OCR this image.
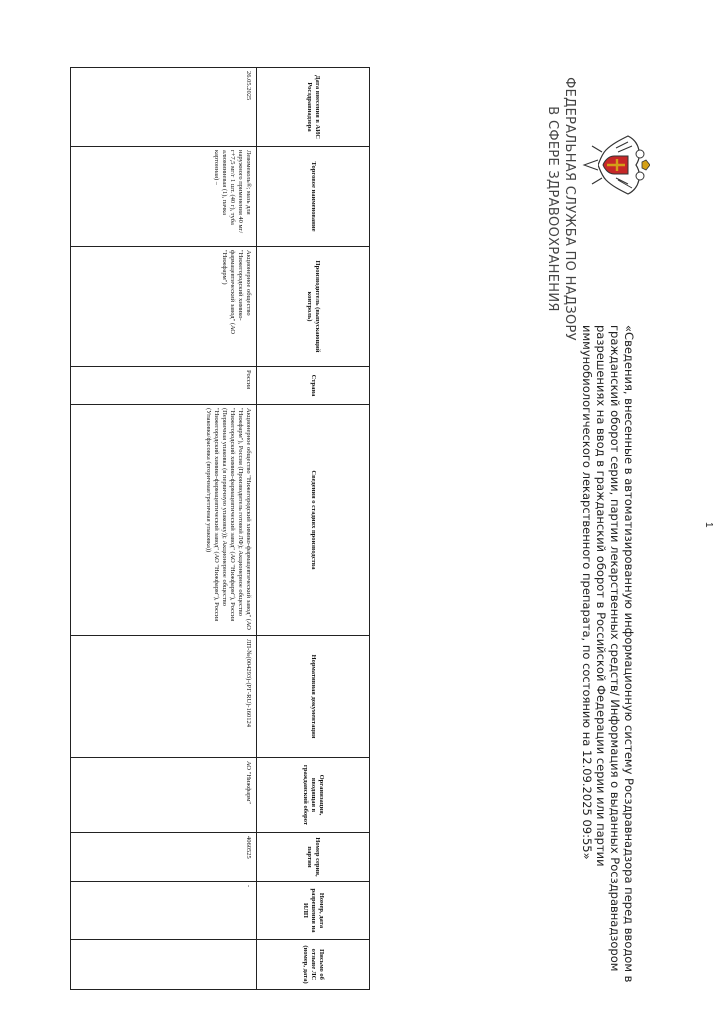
ФЕДЕРАЛЬНАЯ СЛУЖБА ПО НАДЗОРУ
В СФЕРЕ ЗДРАВООХРАНЕНИЯ
«Сведения, внесенные в автоматизированную информационную систему Росздравнадзора перед вводом в гражданский оборот серии, партии лекарственных средств/ Информация о выданных Росздравнадзором разрешениях на ввод в гражданский оборот в Российской Федерации серии или партии иммунобиологического лекарственного препарата, по состоянию на 12.09.2025 09:55»
Дата внесения в АИС Росздравнадзора	Торговое наименование	Производитель (выпускающий контроль)	Страна	Сведения о стадиях производства	Нормативная документация	Организация, вводящая в гражданский оборот	Номер серии, партии	Номер, дата разрешения на ИЛП	Письмо об отзыве ЛС (номер, дата)
26.05.2025	Левомеколь®; мазь для наружного применения 40 мг/г+7,5 мг/г 1 шт. (40 г), туба алюминиевая (1), пачка картонная) –	Акционерное общество "Нижегородский химико-фармацевтический завод" (АО "Нижфарм")	Россия	Акционерное общество "Нижегородский химико-фармацевтический завод" (АО "Нижфарм"), Россия (Производитель готовой ЛФ); Акционерное общество "Нижегородский химико-фармацевтический завод" (АО "Нижфарм"), Россия (Первичная упаковка (в первичную упаковку)); Акционерное общество "Нижегородский химико-фармацевтический завод" (АО "Нижфарм"), Россия (Упаковка/фасовка (вторичная/третичная упаковка))	ЛП-№(004293)-(РГ-RU)-160124	АО "Нижфарм"	4060525	-	
1
